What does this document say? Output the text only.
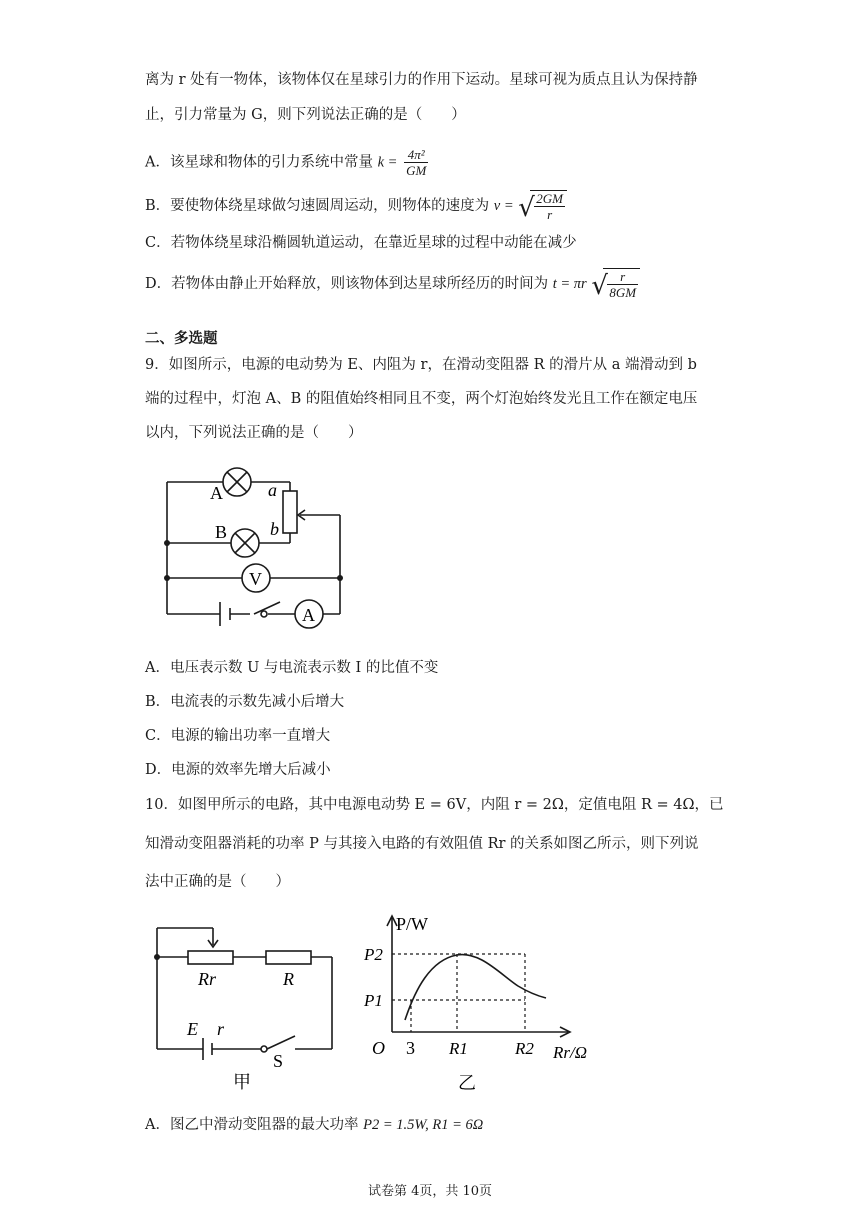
离为 r 处有一物体，该物体仅在星球引力的作用下运动。星球可视为质点且认为保持静
止，引力常量为 G，则下列说法正确的是（　　）
A．该星球和物体的引力系统中常量 $k = \frac{\text{4π²}}{GM}$
B．要使物体绕星球做匀速圆周运动，则物体的速度为 v = √ $\frac{2GM}{r}$
C．若物体绕星球沿椭圆轨道运动，在靠近星球的过程中动能在减少
D．若物体由静止开始释放，则该物体到达星球所经历的时间为 t = πr √ $\frac{r}{8GM}$
二、多选题
9．如图所示，电源的电动势为 E、内阻为 r，在滑动变阻器 R 的滑片从 a 端滑动到 b
端的过程中，灯泡 A、B 的阻值始终相同且不变，两个灯泡始终发光且工作在额定电压
以内，下列说法正确的是（　　）
A	a
B b
V
A
A．电压表示数 U 与电流表示数 I 的比值不变
B．电流表的示数先减小后增大
C．电源的输出功率一直增大
D．电源的效率先增大后减小
10．如图甲所示的电路，其中电源电动势 E = 6V，内阻 r = 2Ω，定值电阻 R = 4Ω，已
知滑动变阻器消耗的功率 P 与其接入电路的有效阻值 Rr 的关系如图乙所示，则下列说
法中正确的是（　　）
Rr	R
E r
S
甲
P/W
P2
P1
O 3 R1	R2 Rr/Ω
乙
A．图乙中滑动变阻器的最大功率 P2 = 1.5W, R1 = 6Ω
试卷第 4页，共 10页
